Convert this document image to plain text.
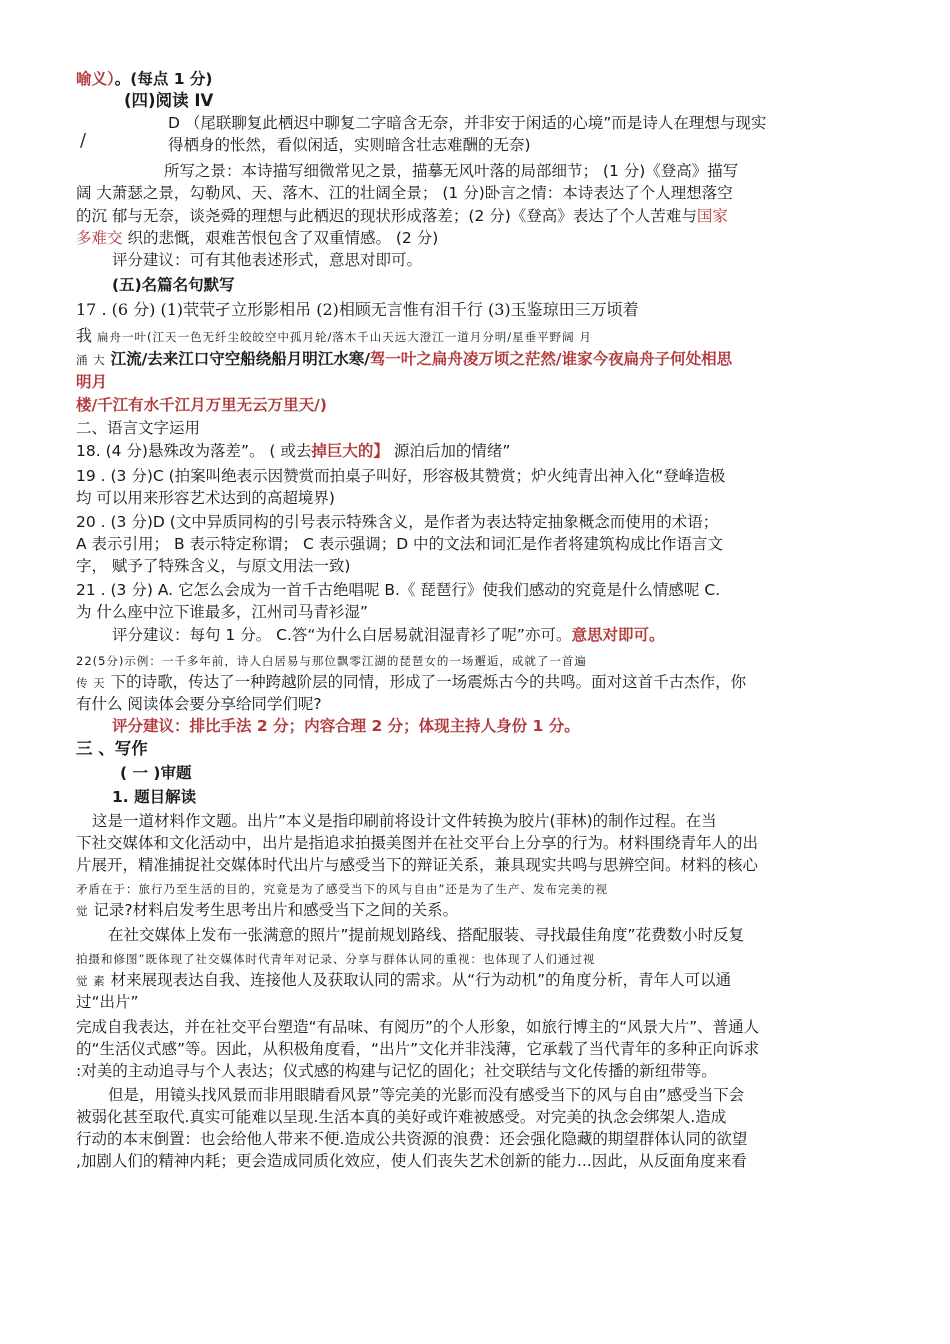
喻义）。(每点 1 分)
(四)阅读 IV
D （尾联聊复此栖迟中聊复二字暗含无奈，并非安于闲适的心境”而是诗人在理想与现实
/	得栖身的怅然，看似闲适，实则暗含壮志难酬的无奈)
所写之景：本诗描写细微常见之景，描摹无风叶落的局部细节； (1 分)《登高》描写
阔 大萧瑟之景，勾勒风、天、落木、江的壮阔全景； (1 分)卧言之情：本诗表达了个人理想落空
的沉 郁与无奈，谈尧舜的理想与此栖迟的现状形成落差；(2 分)《登高》表达了个人苦难与国家
多难交 织的悲慨，艰难苦恨包含了双重情感。 (2 分)
评分建议：可有其他表述形式，意思对即可。
(五)名篇名句默写
17 . (6 分) (1)茕茕孑立形影相吊 (2)相顾无言惟有泪千行 (3)玉鉴琼田三万顷着
我 扁舟一叶(江天一色无纤尘皎皎空中孤月轮/落木千山天远大澄江一道月分明/星垂平野阔 月
涌 大 江流/去来江口守空船绕船月明江水寒/驾一叶之扁舟凌万顷之茫然/谁家今夜扁舟子何处相思
明月
楼/千江有水千江月万里无云万里天/)
二、语言文字运用
18. (4 分)悬殊改为落差”。 ( 或去掉巨大的】 源泊后加的情绪”
19 . (3 分)C (拍案叫绝表示因赞赏而拍桌子叫好，形容极其赞赏；炉火纯青出神入化“登峰造极
均 可以用来形容艺术达到的高超境界)
20 . (3 分)D (文中异质同构的引号表示特殊含义，是作者为表达特定抽象概念而使用的术语；
A 表示引用； B 表示特定称谓； C 表示强调；D 中的文法和词汇是作者将建筑构成比作语言文
字， 赋予了特殊含义，与原文用法一致)
21 . (3 分) A. 它怎么会成为一首千古绝唱呢 B.《 琵琶行》使我们感动的究竟是什么情感呢 C.
为 什么座中泣下谁最多，江州司马青衫湿”
评分建议：每句 1 分。 C.答“为什么白居易就泪湿青衫了呢”亦可。意思对即可。
22(5分)示例：一千多年前，诗人白居易与那位飘零江湖的琵琶女的一场邂逅，成就了一首遍
传 天 下的诗歌，传达了一种跨越阶层的同情，形成了一场震烁古今的共鸣。面对这首千古杰作，你
有什么 阅读体会要分享给同学们呢?
评分建议：排比手法 2 分；内容合理 2 分；体现主持人身份 1 分。
三 、写作
( 一 )审题
1. 题目解读
这是一道材料作文题。出片”本义是指印刷前将设计文件转换为胶片(菲林)的制作过程。在当
下社交媒体和文化活动中，出片是指追求拍摄美图并在社交平台上分享的行为。材料围绕青年人的出
片展开，精准捕捉社交媒体时代出片与感受当下的辩证关系，兼具现实共鸣与思辨空间。材料的核心
矛盾在于：旅行乃至生活的目的，究竟是为了感受当下的风与自由”还是为了生产、发布完美的视
觉 记录?材料启发考生思考出片和感受当下之间的关系。
在社交媒体上发布一张满意的照片”提前规划路线、搭配服装、寻找最佳角度”花费数小时反复
拍摄和修图”既体现了社交媒体时代青年对记录、分享与群体认同的重视：也体现了人们通过视
觉 素 材来展现表达自我、连接他人及获取认同的需求。从“行为动机”的角度分析，青年人可以通
过“出片”
完成自我表达，并在社交平台塑造“有品味、有阅历”的个人形象，如旅行博主的“风景大片”、普通人
的“生活仪式感”等。因此，从积极角度看，“出片”文化并非浅薄，它承载了当代青年的多种正向诉求
:对美的主动追寻与个人表达；仪式感的构建与记忆的固化；社交联结与文化传播的新纽带等。
但是，用镜头找风景而非用眼睛看风景”等完美的光影而没有感受当下的风与自由”感受当下会
被弱化甚至取代.真实可能难以呈现.生活本真的美好或许难被感受。对完美的执念会绑架人.造成
行动的本末倒置：也会给他人带来不便.造成公共资源的浪费：还会强化隐藏的期望群体认同的欲望
,加剧人们的精神内耗；更会造成同质化效应，使人们丧失艺术创新的能力...因此，从反面角度来看
